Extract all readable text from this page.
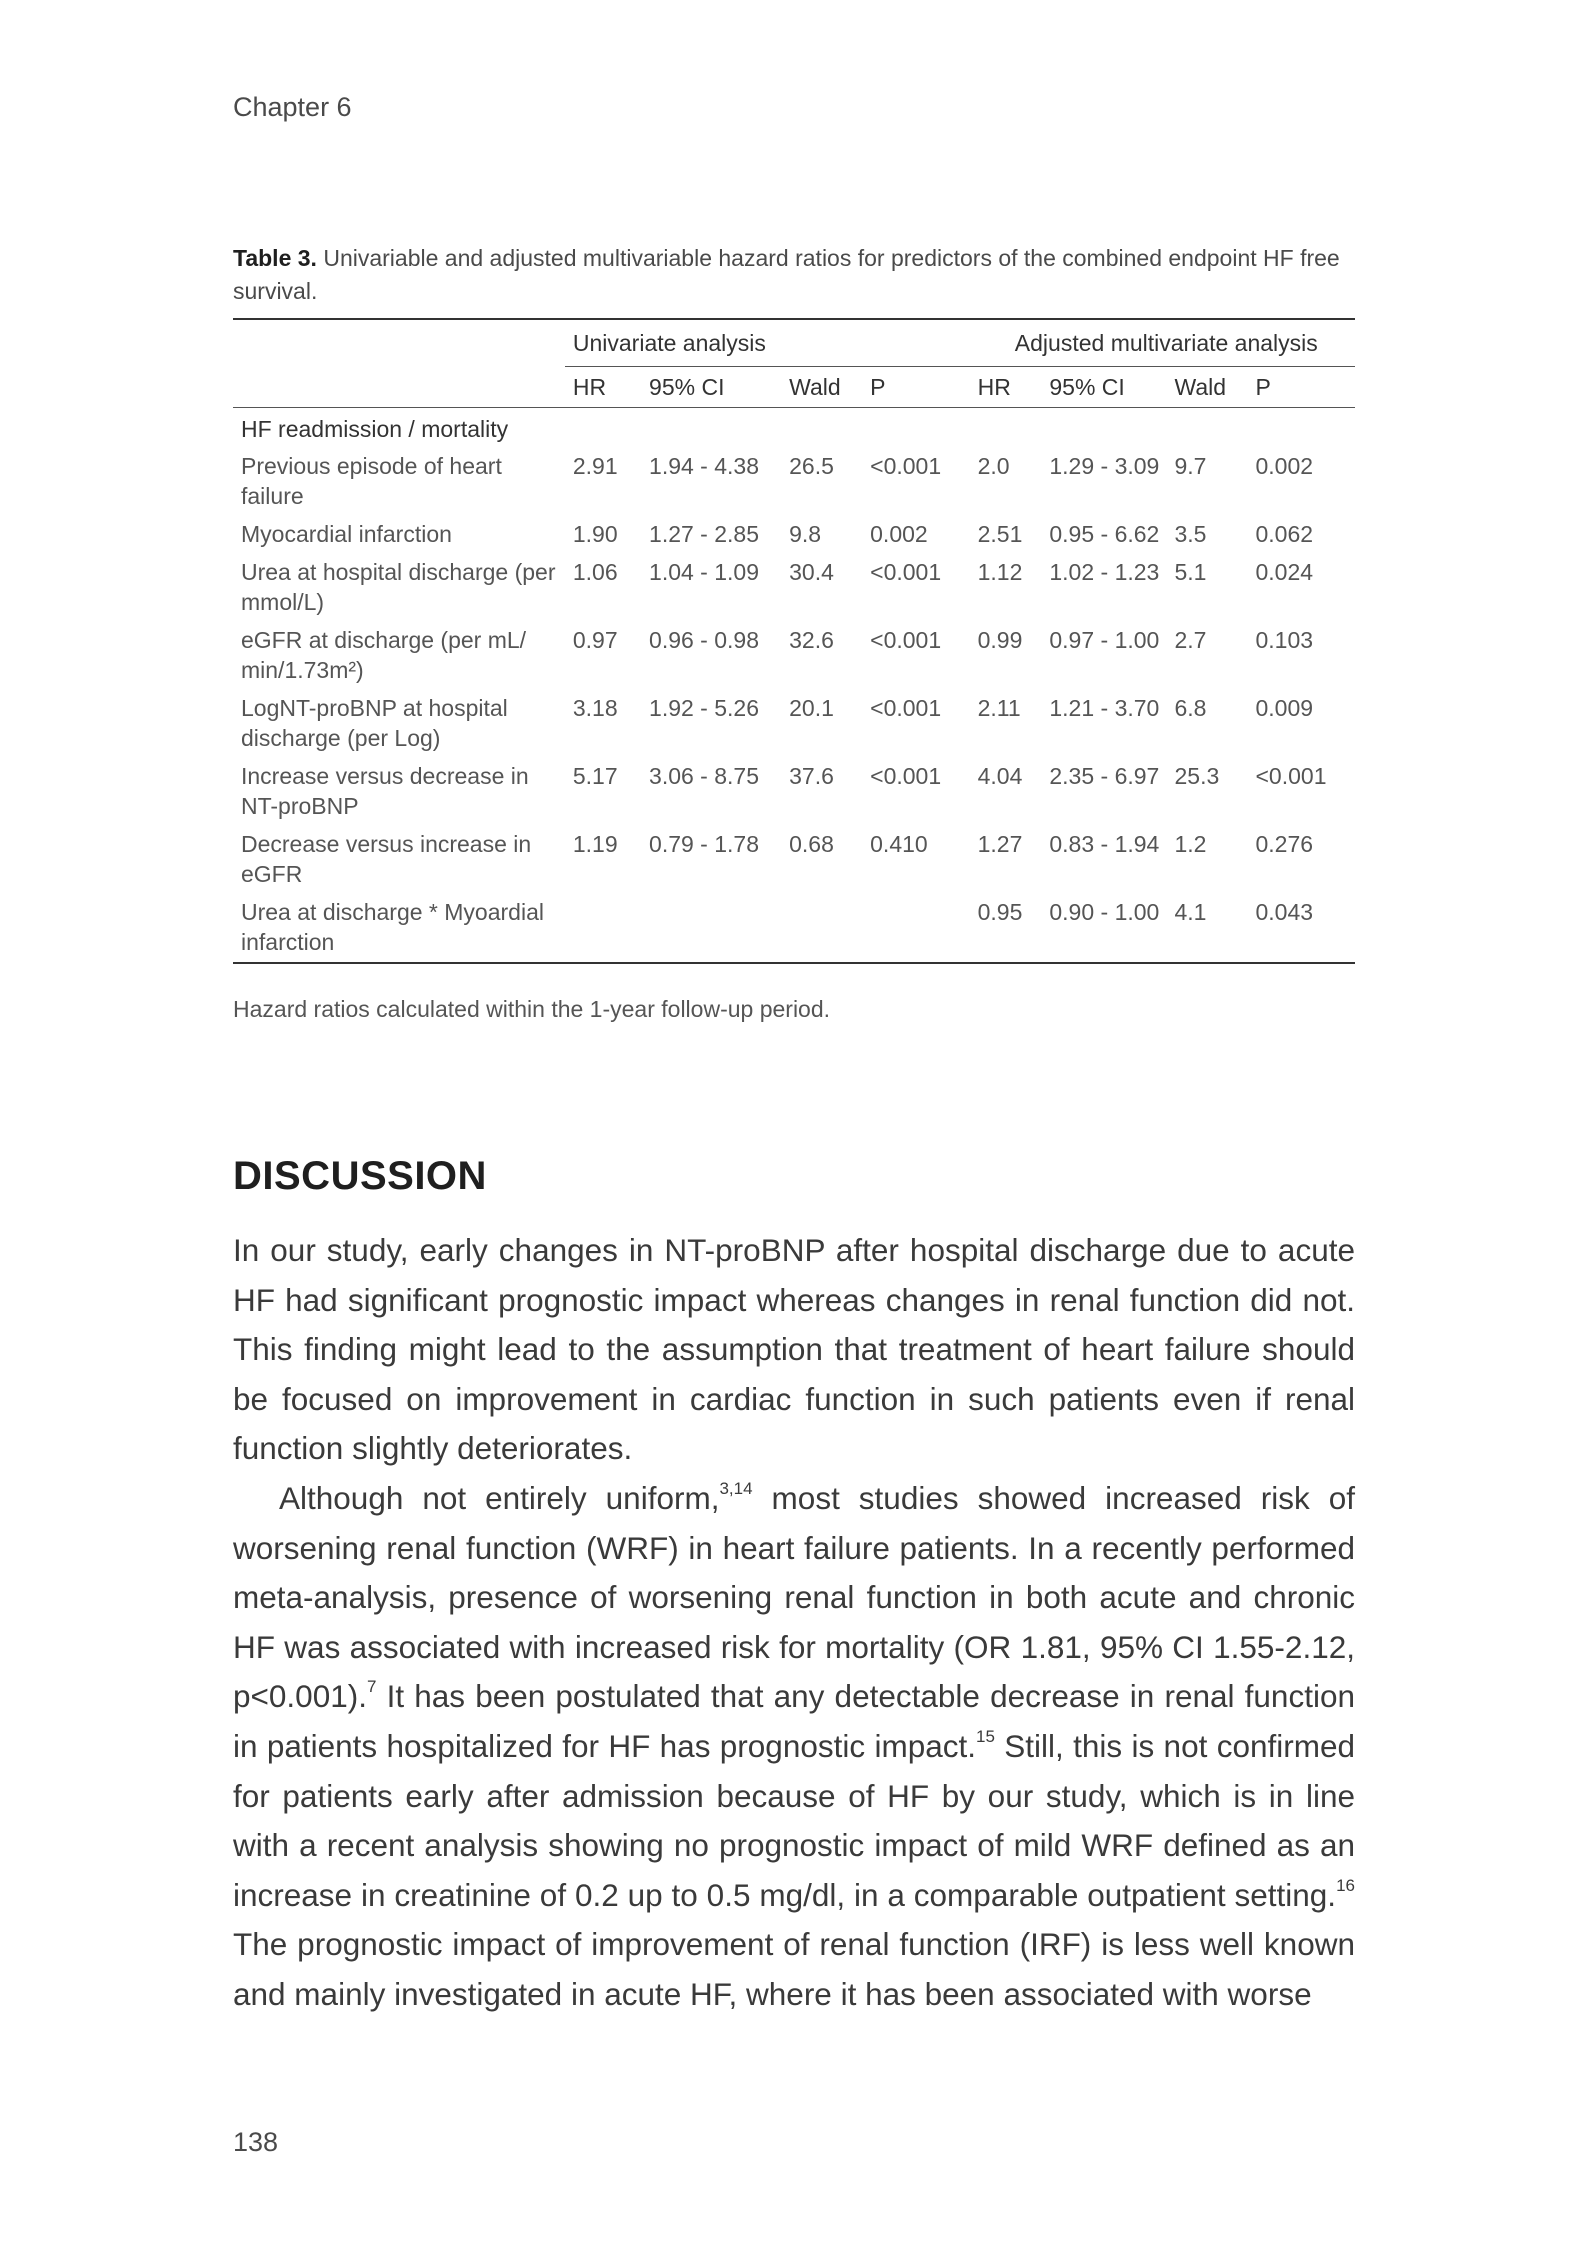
Chapter 6
Table 3. Univariable and adjusted multivariable hazard ratios for predictors of the combined endpoint HF free survival.
	Univariate analysis				Adjusted multivariate analysis			
	HR	95% CI	Wald	P	HR	95% CI	Wald	P
HF readmission / mortality								
Previous episode of heart failure	2.91	1.94 - 4.38	26.5	<0.001	2.0	1.29 - 3.09	9.7	0.002
Myocardial infarction	1.90	1.27 - 2.85	9.8	0.002	2.51	0.95 - 6.62	3.5	0.062
Urea at hospital discharge (per mmol/L)	1.06	1.04 - 1.09	30.4	<0.001	1.12	1.02 - 1.23	5.1	0.024
eGFR at discharge (per mL/ min/1.73m²)	0.97	0.96 - 0.98	32.6	<0.001	0.99	0.97 - 1.00	2.7	0.103
LogNT-proBNP at hospital discharge (per Log)	3.18	1.92 - 5.26	20.1	<0.001	2.11	1.21 - 3.70	6.8	0.009
Increase versus decrease in NT-proBNP	5.17	3.06 - 8.75	37.6	<0.001	4.04	2.35 - 6.97	25.3	<0.001
Decrease versus increase in eGFR	1.19	0.79 - 1.78	0.68	0.410	1.27	0.83 - 1.94	1.2	0.276
Urea at discharge * Myoardial infarction					0.95	0.90 - 1.00	4.1	0.043
Hazard ratios calculated within the 1-year follow-up period.
DISCUSSION

In our study, early changes in NT-proBNP after hospital discharge due to acute HF had significant prognostic impact whereas changes in renal function did not. This finding might lead to the assumption that treatment of heart failure should be focused on improvement in cardiac function in such patients even if renal function slightly deteriorates.

Although not entirely uniform,$^{3,14}$ most studies showed increased risk of worsening renal function (WRF) in heart failure patients. In a recently performed meta-analysis, presence of worsening renal function in both acute and chronic HF was associated with increased risk for mortality (OR 1.81, 95% CI 1.55-2.12, p<0.001).$^7$ It has been postulated that any detectable decrease in renal function in patients hospitalized for HF has prognostic impact.$^{15}$ Still, this is not confirmed for patients early after admission because of HF by our study, which is in line with a recent analysis showing no prognostic impact of mild WRF defined as an increase in creatinine of 0.2 up to 0.5 mg/dl, in a comparable outpatient setting.$^{16}$ The prognostic impact of improvement of renal function (IRF) is less well known and mainly investigated in acute HF, where it has been associated with worse

138
